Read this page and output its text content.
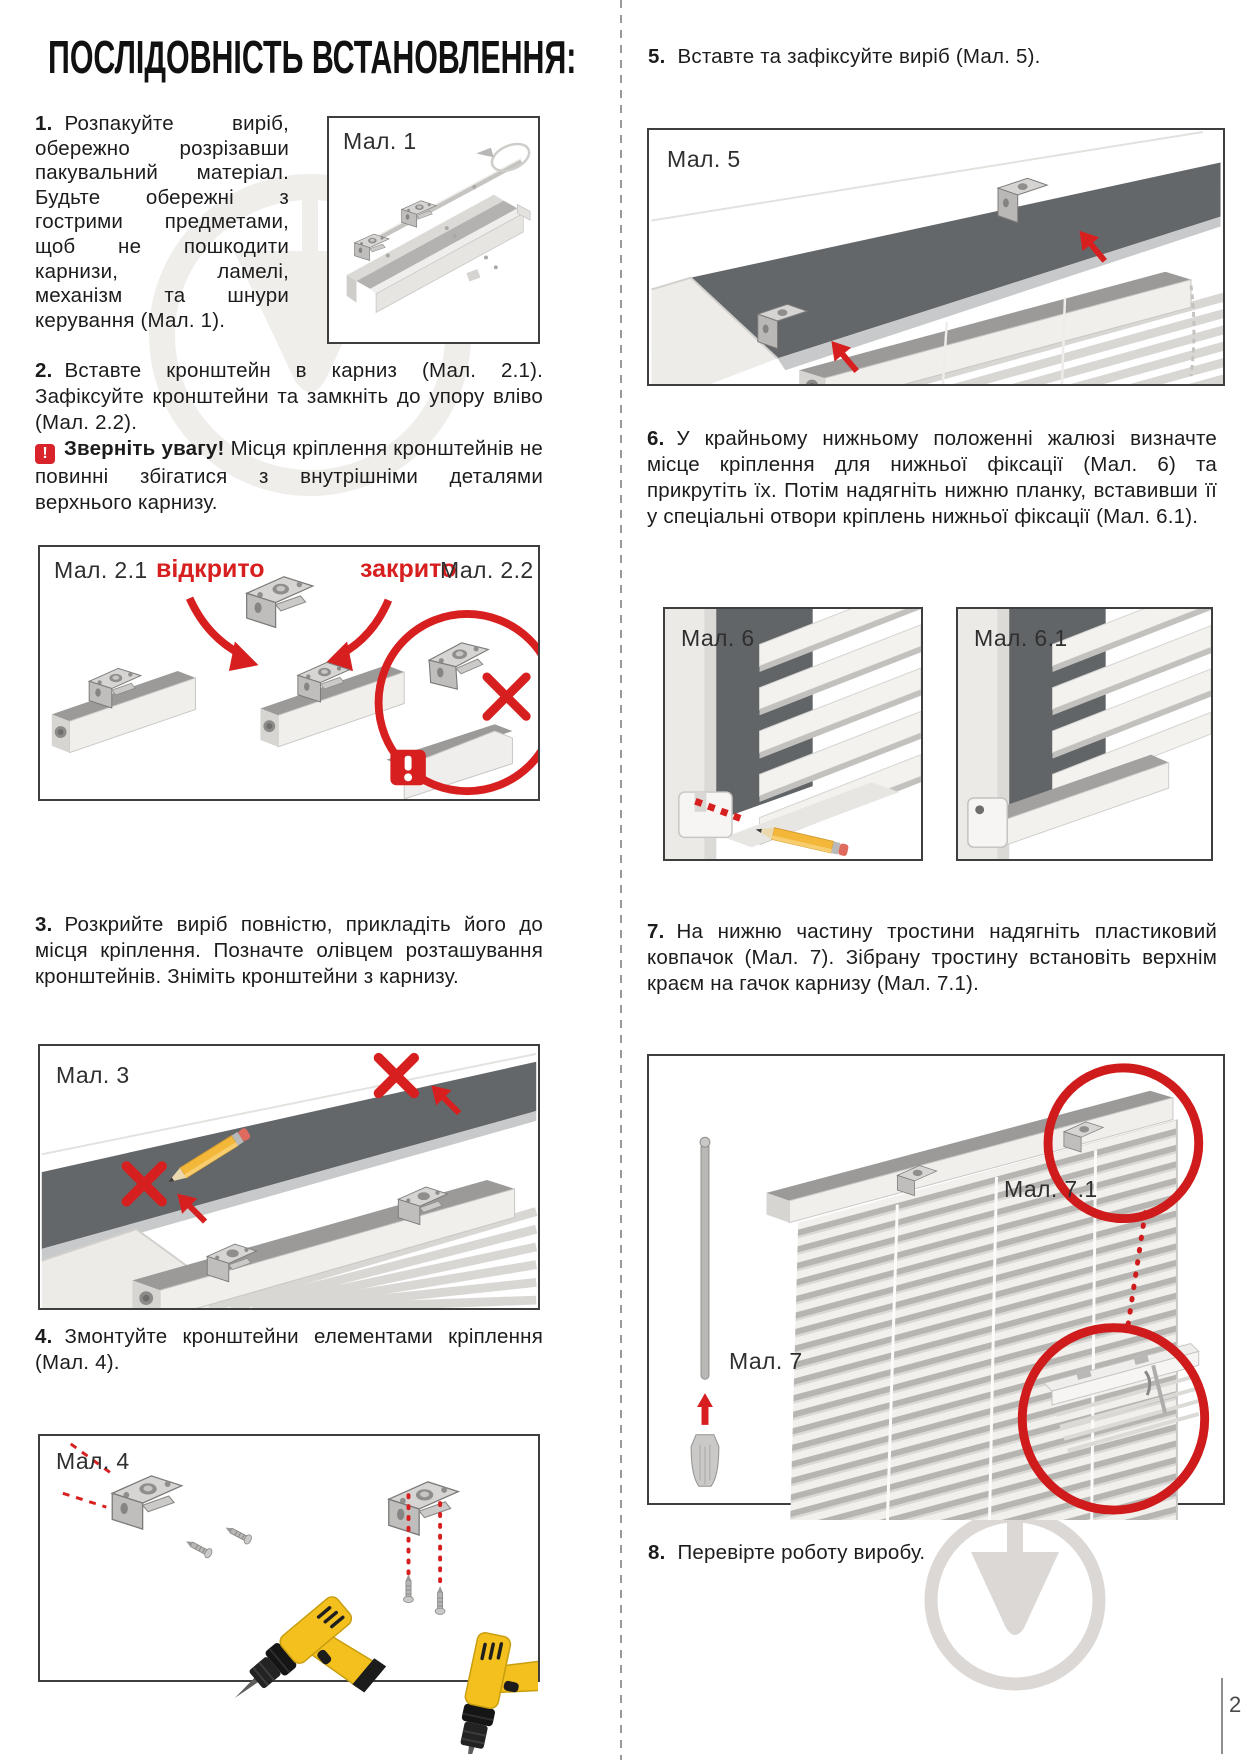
ПОСЛІДОВНІСТЬ ВСТАНОВЛЕННЯ:
1. Розпакуйте виріб, обережно розрізавши пакувальний матеріал. Будьте обережні з гострими предметами, щоб не пошкодити карнизи, ламелі, механізм та шнури керування (Мал. 1).
Мал. 1
2. Вставте кронштейн в карниз (Мал. 2.1). Зафіксуйте кронштейни та замкніть до упору вліво (Мал. 2.2).
! Зверніть увагу! Місця кріплення кронштейнів не повинні збігатися з внутрішніми деталями верхнього карнизу.
Мал. 2.1 відкрито	закрито
Мал. 2.2
3. Розкрийте виріб повністю, прикладіть його до місця кріплення. Позначте олівцем розташування кронштейнів. Зніміть кронштейни з карнизу.
Мал. 3
4. Змонтуйте кронштейни елементами кріплення (Мал. 4).
Мал. 4
5. Вставте та зафіксуйте виріб (Мал. 5).
Мал. 5
6. У крайньому нижньому положенні жалюзі визначте місце кріплення для нижньої фіксації (Мал. 6) та прикрутіть їх. Потім надягніть нижню планку, вставивши її у спеціальні отвори кріплень нижньої фіксації (Мал. 6.1).
Мал. 6	Мал. 6.1
7. На нижню частину тростини надягніть пластиковий ковпачок (Мал. 7). Зібрану тростину встановіть верхнім краєм на гачок карнизу (Мал. 7.1).
Мал. 7
Мал. 7.1
8. Перевірте роботу виробу.
2
